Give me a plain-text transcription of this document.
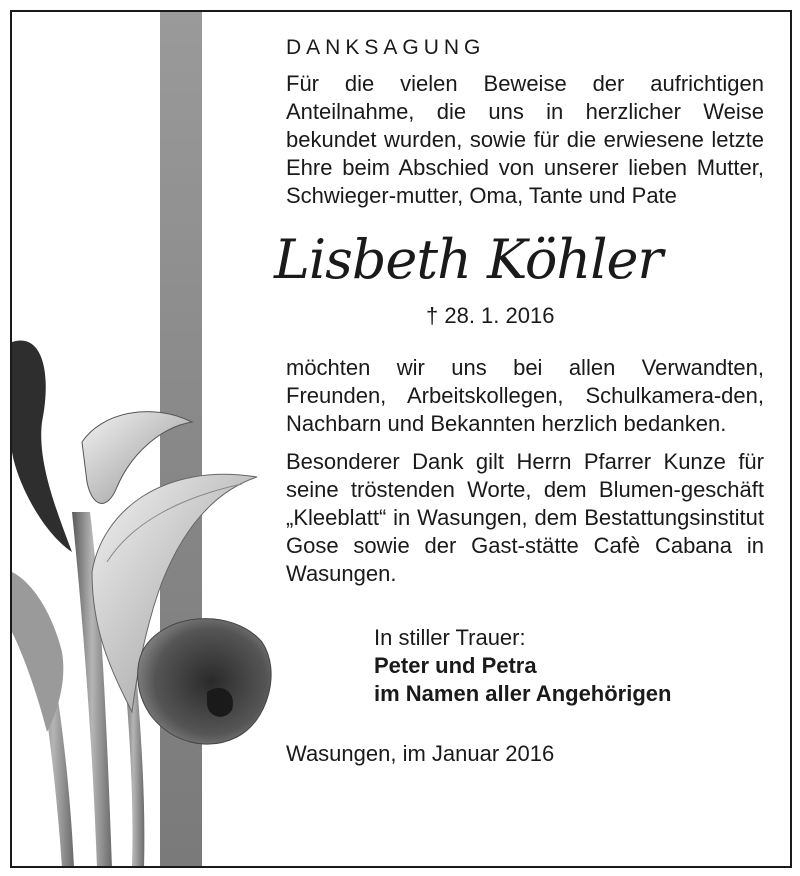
DANKSAGUNG

Für die vielen Beweise der aufrichtigen Anteilnahme, die uns in herzlicher Weise bekundet wurden, sowie für die erwiesene letzte Ehre beim Abschied von unserer lieben Mutter, Schwieger-mutter, Oma, Tante und Pate

Lisbeth Köhler
† 28. 1. 2016

möchten wir uns bei allen Verwandten, Freunden, Arbeitskollegen, Schulkamera-den, Nachbarn und Bekannten herzlich bedanken.

Besonderer Dank gilt Herrn Pfarrer Kunze für seine tröstenden Worte, dem Blumen-geschäft „Kleeblatt“ in Wasungen, dem Bestattungsinstitut Gose sowie der Gast-stätte Cafè Cabana in Wasungen.

In stiller Trauer:
Peter und Petra
im Namen aller Angehörigen
Wasungen, im Januar 2016
